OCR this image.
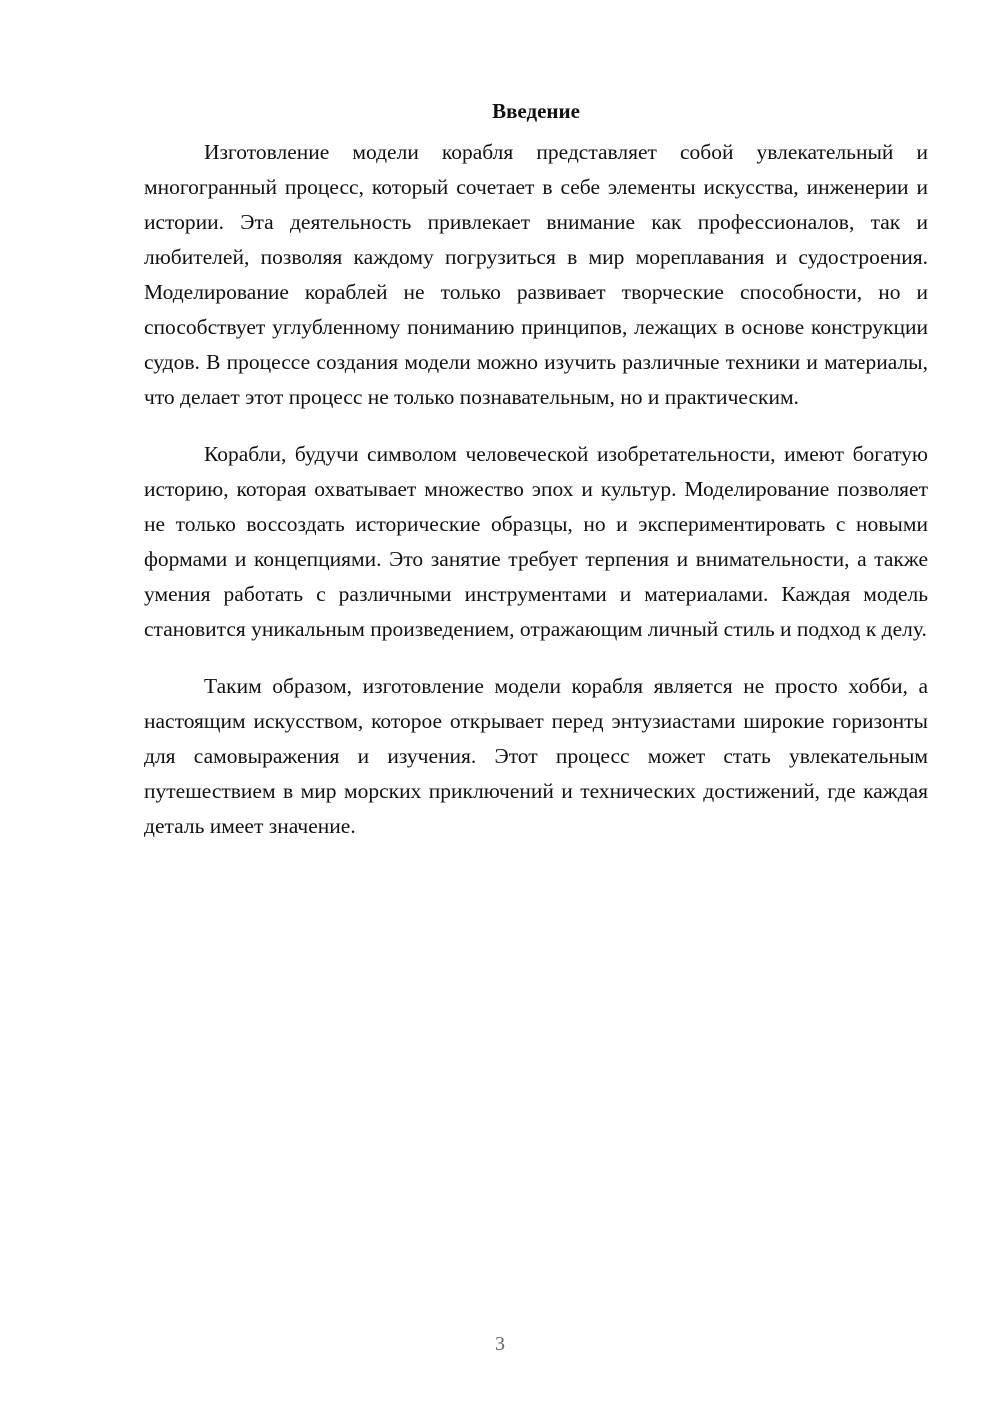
Введение

Изготовление модели корабля представляет собой увлекательный и многогранный процесс, который сочетает в себе элементы искусства, инженерии и истории. Эта деятельность привлекает внимание как профессионалов, так и любителей, позволяя каждому погрузиться в мир мореплавания и судостроения. Моделирование кораблей не только развивает творческие способности, но и способствует углубленному пониманию принципов, лежащих в основе конструкции судов. В процессе создания модели можно изучить различные техники и материалы, что делает этот процесс не только познавательным, но и практическим.

Корабли, будучи символом человеческой изобретательности, имеют богатую историю, которая охватывает множество эпох и культур. Моделирование позволяет не только воссоздать исторические образцы, но и экспериментировать с новыми формами и концепциями. Это занятие требует терпения и внимательности, а также умения работать с различными инструментами и материалами. Каждая модель становится уникальным произведением, отражающим личный стиль и подход к делу.

Таким образом, изготовление модели корабля является не просто хобби, а настоящим искусством, которое открывает перед энтузиастами широкие горизонты для самовыражения и изучения. Этот процесс может стать увлекательным путешествием в мир морских приключений и технических достижений, где каждая деталь имеет значение.

3
